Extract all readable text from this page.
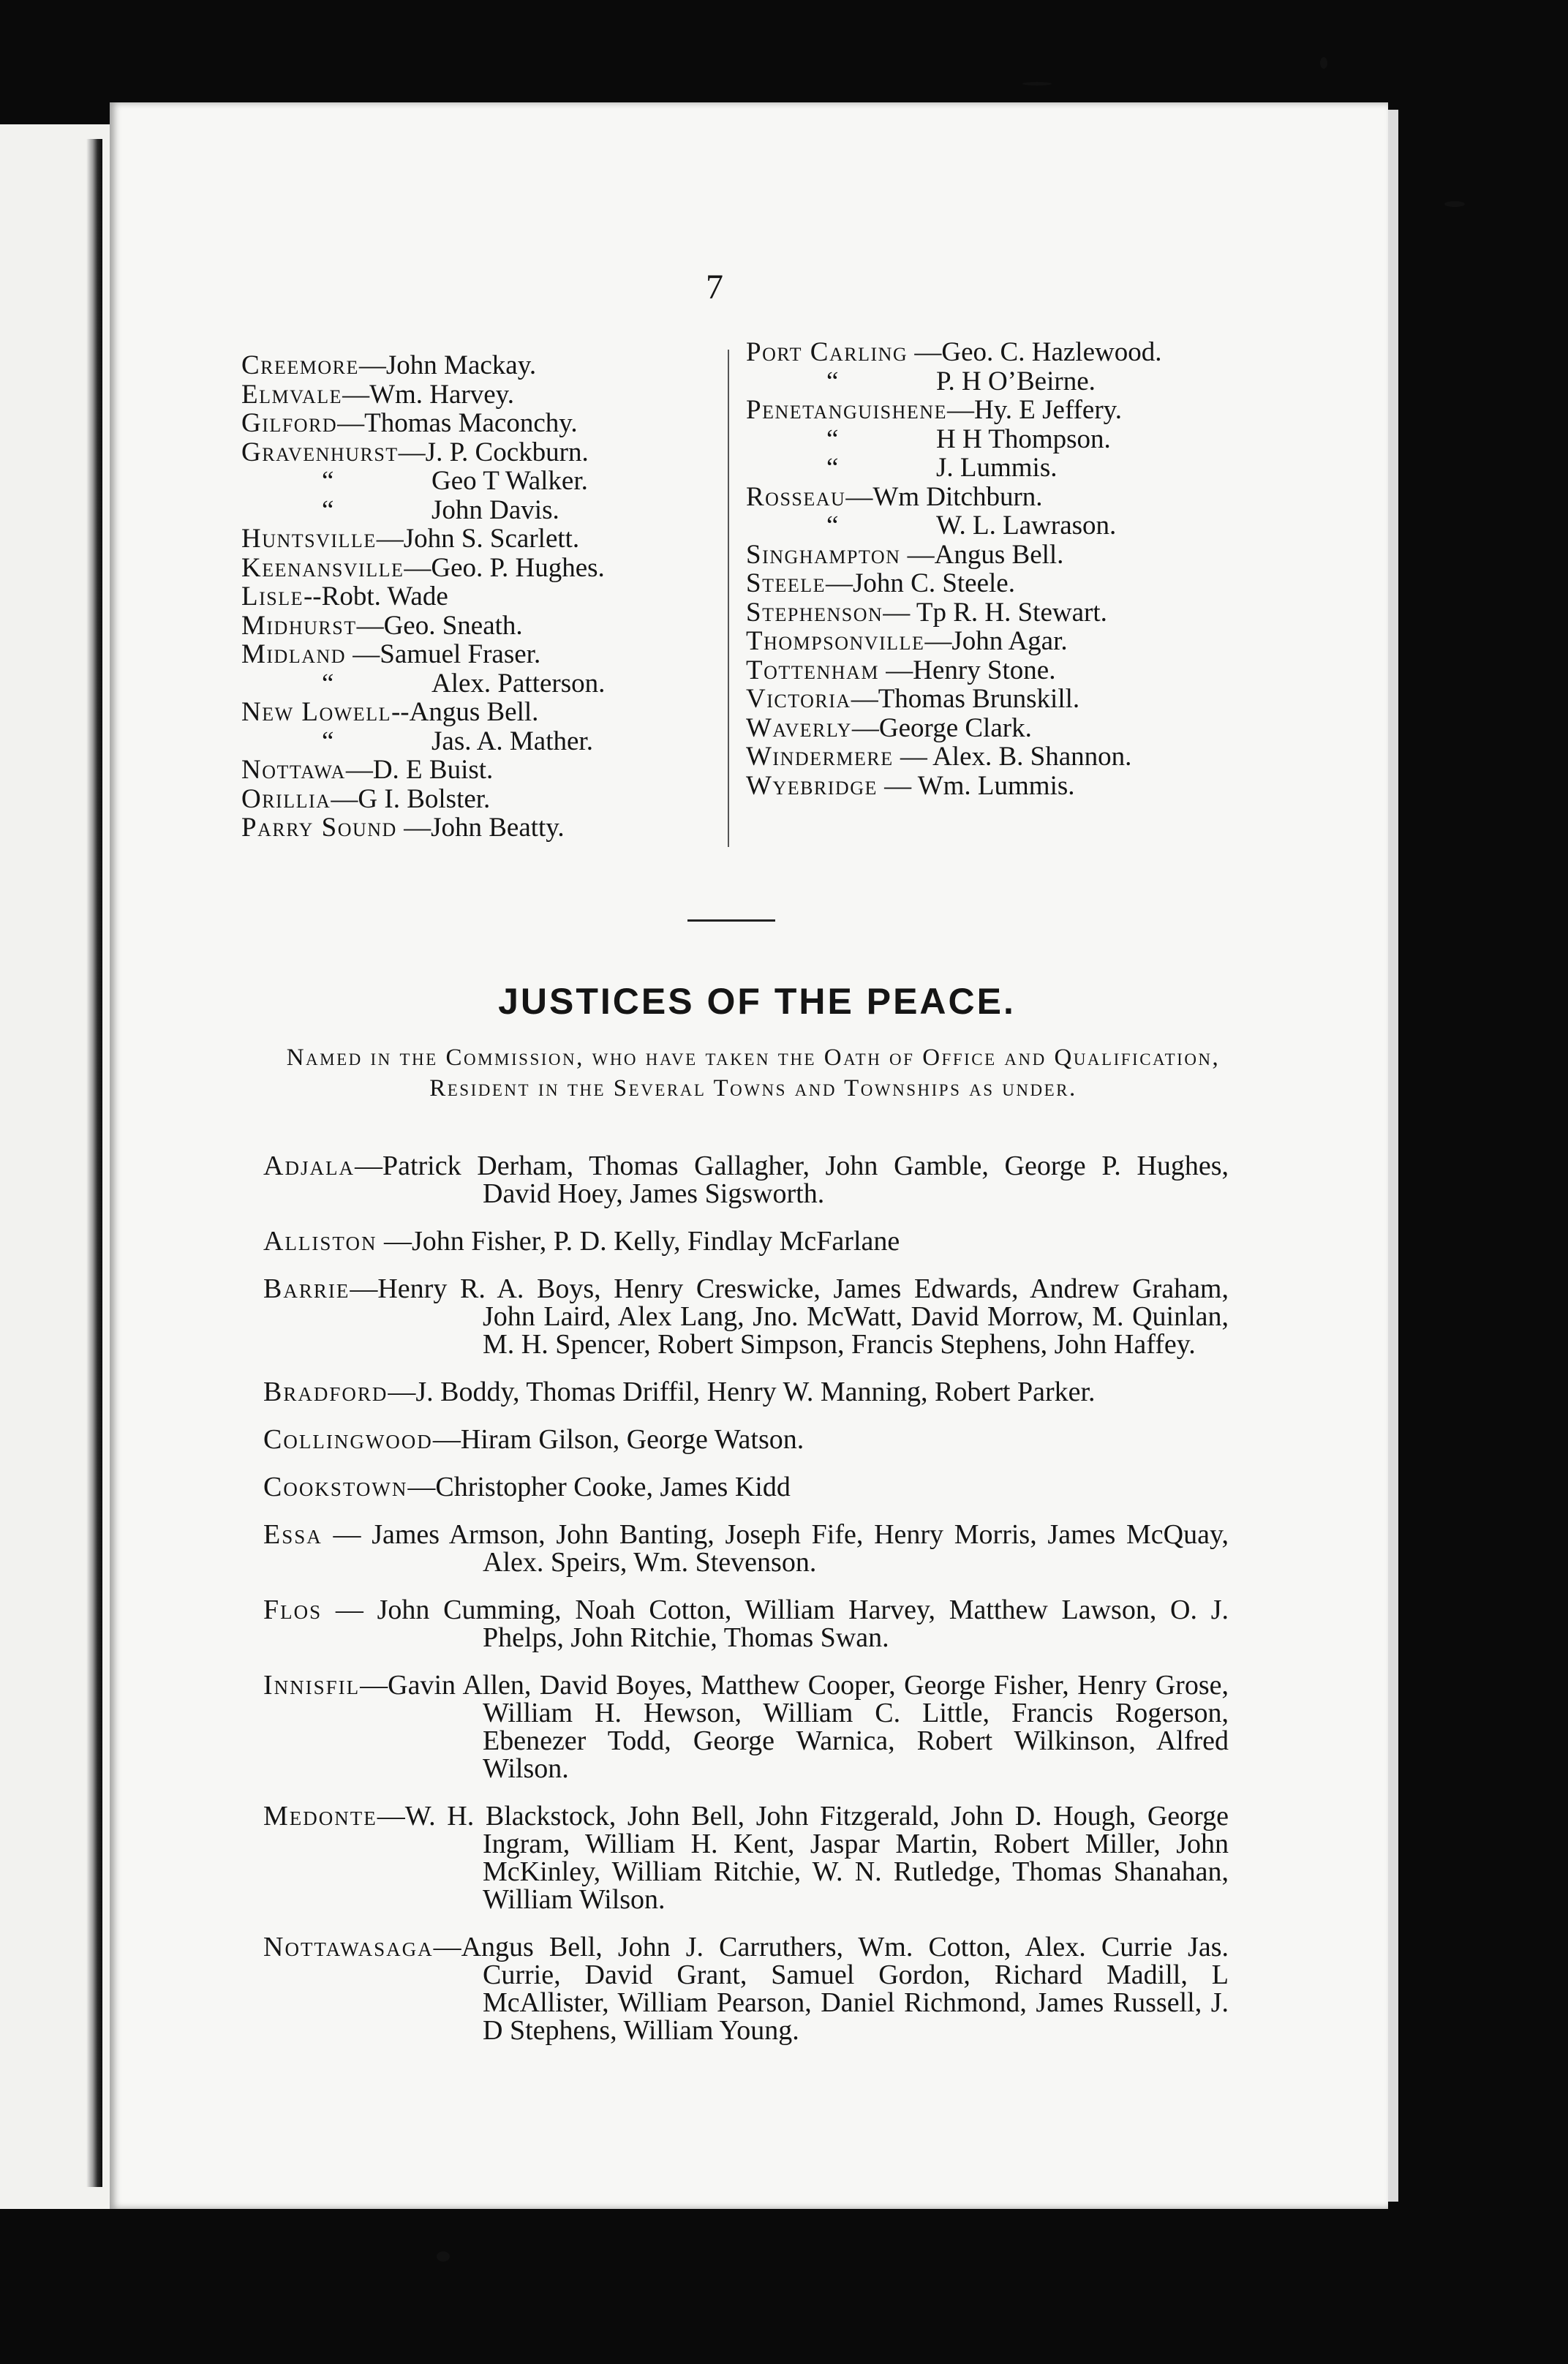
7
Creemore—John Mackay.
Elmvale—Wm. Harvey.
Gilford—Thomas Maconchy.
Gravenhurst—J. P. Cockburn.
“	Geo T Walker.
“	John Davis.
Huntsville—John S. Scarlett.
Keenansville—Geo. P. Hughes.
Lisle--Robt. Wade
Midhurst—Geo. Sneath.
Midland —Samuel Fraser.
“	Alex. Patterson.
New Lowell--Angus Bell.
“	Jas. A. Mather.
Nottawa—D. E Buist.
Orillia—G I. Bolster.
Parry Sound —John Beatty.
Port Carling —Geo. C. Hazlewood.
“	P. H O’Beirne.
Penetanguishene—Hy. E Jeffery.
“	H H Thompson.
“	J. Lummis.
Rosseau—Wm Ditchburn.
“	W. L. Lawrason.
Singhampton —Angus Bell.
Steele—John C. Steele.
Stephenson— Tp R. H. Stewart.
Thompsonville—John Agar.
Tottenham —Henry Stone.
Victoria—Thomas Brunskill.
Waverly—George Clark.
Windermere — Alex. B. Shannon.
Wyebridge — Wm. Lummis.
JUSTICES OF THE PEACE.
Named in the Commission, who have taken the Oath of Office and Qualification, Resident in the Several Towns and Townships as under.
Adjala—Patrick Derham, Thomas Gallagher, John Gamble, George P. Hughes, David Hoey, James Sigsworth.
Alliston —John Fisher, P. D. Kelly, Findlay McFarlane
Barrie—Henry R. A. Boys, Henry Creswicke, James Edwards, Andrew Graham, John Laird, Alex Lang, Jno. McWatt, David Morrow, M. Quinlan, M. H. Spencer, Robert Simpson, Francis Stephens, John Haffey.
Bradford—J. Boddy, Thomas Driffil, Henry W. Manning, Robert Parker.
Collingwood—Hiram Gilson, George Watson.
Cookstown—Christopher Cooke, James Kidd
Essa — James Armson, John Banting, Joseph Fife, Henry Morris, James McQuay, Alex. Speirs, Wm. Stevenson.
Flos — John Cumming, Noah Cotton, William Harvey, Matthew Lawson, O. J. Phelps, John Ritchie, Thomas Swan.
Innisfil—Gavin Allen, David Boyes, Matthew Cooper, George Fisher, Henry Grose, William H. Hewson, William C. Little, Francis Rogerson, Ebenezer Todd, George Warnica, Robert Wilkinson, Alfred Wilson.
Medonte—W. H. Blackstock, John Bell, John Fitzgerald, John D. Hough, George Ingram, William H. Kent, Jaspar Martin, Robert Miller, John McKinley, William Ritchie, W. N. Rutledge, Thomas Shanahan, William Wilson.
Nottawasaga—Angus Bell, John J. Carruthers, Wm. Cotton, Alex. Currie Jas. Currie, David Grant, Samuel Gordon, Richard Madill, L McAllister, William Pearson, Daniel Richmond, James Russell, J. D Stephens, William Young.
